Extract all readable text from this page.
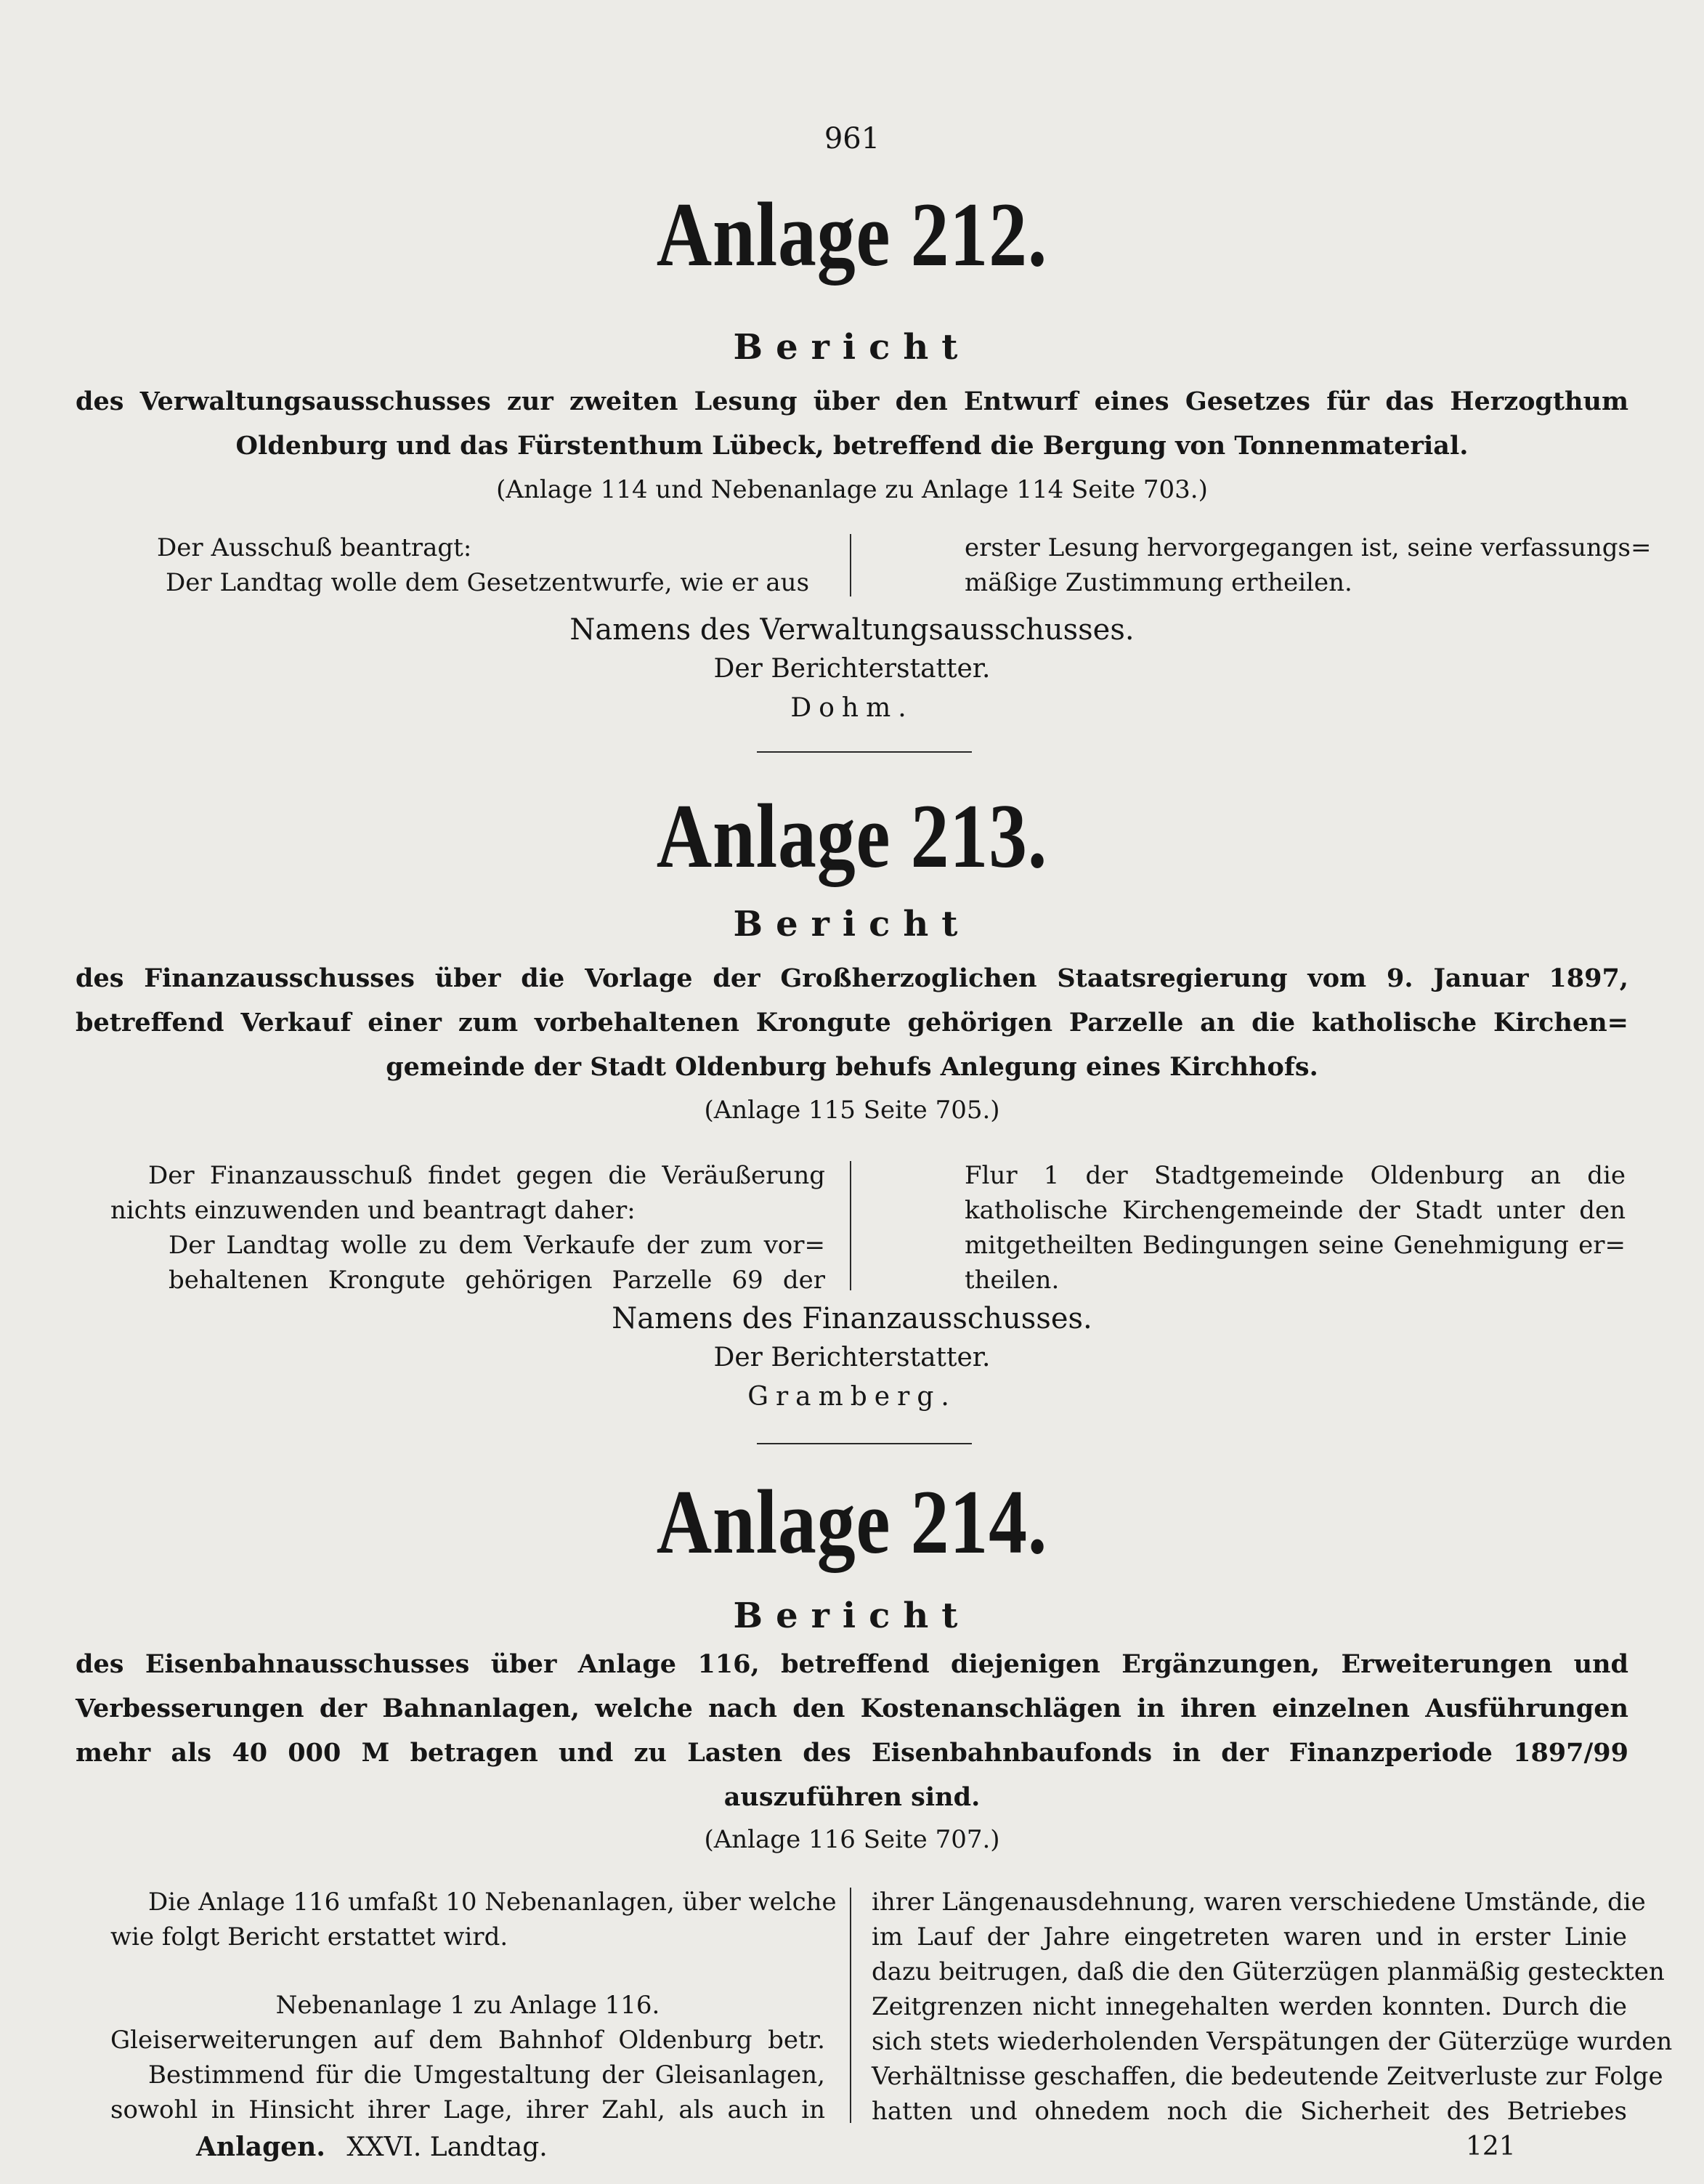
961
Anlage 212.
Bericht
des Verwaltungsausschusses zur zweiten Lesung über den Entwurf eines Gesetzes für das Herzogthum
Oldenburg und das Fürstenthum Lübeck, betreffend die Bergung von Tonnenmaterial.
(Anlage 114 und Nebenanlage zu Anlage 114 Seite 703.)
Der Ausschuß beantragt:
Der Landtag wolle dem Gesetzentwurfe, wie er aus
erster Lesung hervorgegangen ist, seine verfassungs=
mäßige Zustimmung ertheilen.
Namens des Verwaltungsausschusses.
Der Berichterstatter.
Dohm.
Anlage 213.
Bericht
des Finanzausschusses über die Vorlage der Großherzoglichen Staatsregierung vom 9. Januar 1897,
betreffend Verkauf einer zum vorbehaltenen Krongute gehörigen Parzelle an die katholische Kirchen=
gemeinde der Stadt Oldenburg behufs Anlegung eines Kirchhofs.
(Anlage 115 Seite 705.)
Der Finanzausschuß findet gegen die Veräußerung
nichts einzuwenden und beantragt daher:
Der Landtag wolle zu dem Verkaufe der zum vor=
behaltenen Krongute gehörigen Parzelle 69 der
Flur 1 der Stadtgemeinde Oldenburg an die
katholische Kirchengemeinde der Stadt unter den
mitgetheilten Bedingungen seine Genehmigung er=
theilen.
Namens des Finanzausschusses.
Der Berichterstatter.
Gramberg.
Anlage 214.
Bericht
des Eisenbahnausschusses über Anlage 116, betreffend diejenigen Ergänzungen, Erweiterungen und
Verbesserungen der Bahnanlagen, welche nach den Kostenanschlägen in ihren einzelnen Ausführungen
mehr als 40 000 M betragen und zu Lasten des Eisenbahnbaufonds in der Finanzperiode 1897/99
auszuführen sind.
(Anlage 116 Seite 707.)
Die Anlage 116 umfaßt 10 Nebenanlagen, über welche
wie folgt Bericht erstattet wird.
Nebenanlage 1 zu Anlage 116.
Gleiserweiterungen auf dem Bahnhof Oldenburg betr.
Bestimmend für die Umgestaltung der Gleisanlagen,
sowohl in Hinsicht ihrer Lage, ihrer Zahl, als auch in
ihrer Längenausdehnung, waren verschiedene Umstände, die
im Lauf der Jahre eingetreten waren und in erster Linie
dazu beitrugen, daß die den Güterzügen planmäßig gesteckten
Zeitgrenzen nicht innegehalten werden konnten. Durch die
sich stets wiederholenden Verspätungen der Güterzüge wurden
Verhältnisse geschaffen, die bedeutende Zeitverluste zur Folge
hatten und ohnedem noch die Sicherheit des Betriebes
Anlagen. XXVI. Landtag.	121
